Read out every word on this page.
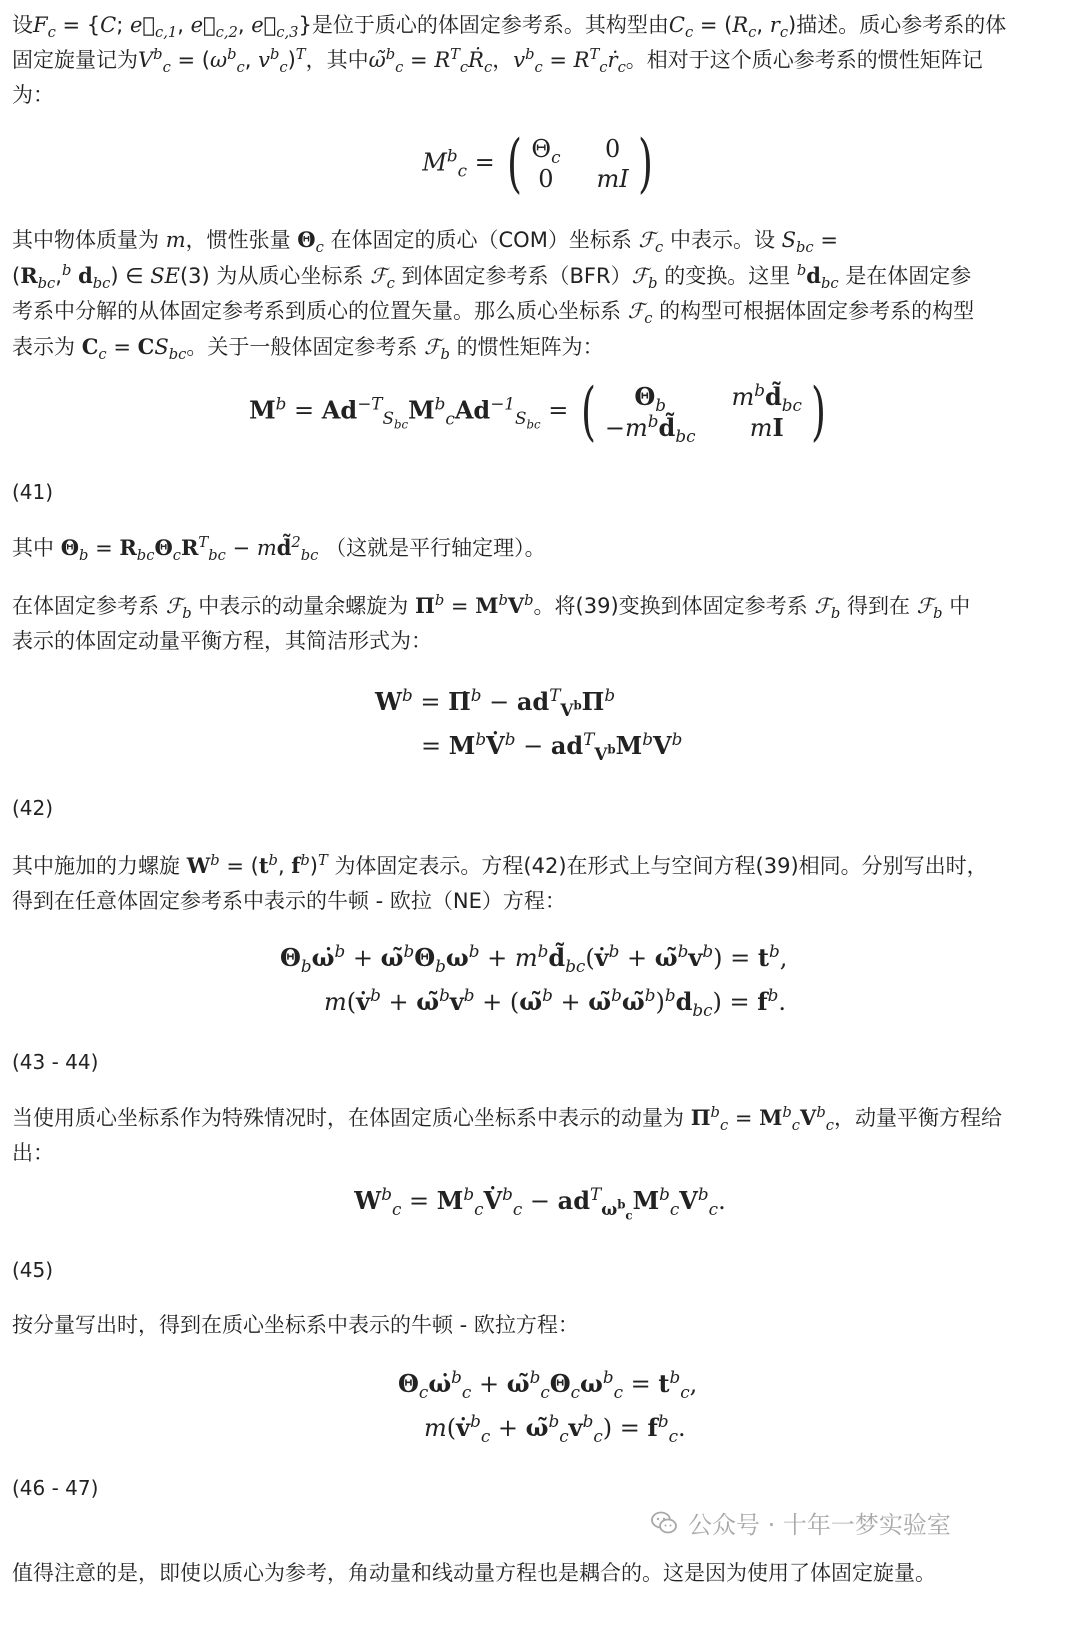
设$F_c = \{C$; $e⃗_{c,1}$, $e⃗_{c,2}$, $e⃗_{c,3}$}是位于质心的体固定参考系。其构型由$C_c = (R_c$, $r_c$)描述。质心参考系的体
固定旋量记为$V^b_c = (\omega^b_c$, $v^b_c)^T$，其中ω̃$^b_c$ = $R^T_cṘ_c$，$v^b_c$ = $R^T_cṙ_c$。相对于这个质心参考系的惯性矩阵记
为：
$M^b_c$ = ( $\Theta_c$	0
0 mI )
其中物体质量为 m，惯性张量 $\Theta_c$ 在体固定的质心（COM）坐标系 ℱ$_c$ 中表示。设 $S_{bc}$ =
($R_{bc},^b$ $d_{bc}$) ∈ SE(3) 为从质心坐标系 ℱ$_c$ 到体固定参考系（BFR）ℱ$_b$ 的变换。这里 $^bd_{bc}$ 是在体固定参
考系中分解的从体固定参考系到质心的位置矢量。那么质心坐标系 ℱ$_c$ 的构型可根据体固定参考系的构型
表示为 $C_c = CS_{bc}$。关于一般体固定参考系 ℱ$_b$ 的惯性矩阵为：
$M^b = Ad^{-T}_{S_{bc}}M^b_cAd^{-1}_{S_{bc}}$ = (	$\Theta_b$	$m^bd̃_{bc}$
$-m^bd̃_{bc}$	mI )
(41)
其中 $\Theta_b = R_{bc}\Theta_cR^T_{bc}$ − md̃$^2_{bc}$ （这就是平行轴定理）。
在体固定参考系 ℱ$_b$ 中表示的动量余螺旋为 $\Pi^b = M^bV^b$。将(39)变换到体固定参考系 ℱ$_b$ 得到在 ℱ$_b$ 中
表示的体固定动量平衡方程，其简洁形式为：
$W^b$ = Π̇$^b$ − $ad^T_{V^b}\Pi^b$
= $M^bV̇^b - ad^T_{V^b}M^bV^b$
(42)
其中施加的力螺旋 $W^b = (t^b$, $f^b)^T$ 为体固定表示。方程(42)在形式上与空间方程(39)相同。分别写出时，
得到在任意体固定参考系中表示的牛顿 - 欧拉（NE）方程：
$\Theta_b\omegȧ^b$ + $\omegã^b\Theta_b\omega^b$ + $m^bd̃_{bc}(v̇^b$ + $\omegã^bv^b) = t^b$,
m(v̇$^b$ + $\omegã^bv^b$ + (ω̃$^b$ + $\omegã^b\omegã^b)^bd_{bc}) = f^b$.
(43 - 44)
当使用质心坐标系作为特殊情况时，在体固定质心坐标系中表示的动量为 $\Pi^b_c = M^b_cV^b_c$，动量平衡方程给
出：
$W^b_c$ = $M^b_cV̇^b_c - ad^T_{\omega^b_c}M^b_cV^b_c$.
(45)
按分量写出时，得到在质心坐标系中表示的牛顿 - 欧拉方程：
$\Theta_c\omegȧ^b_c$ + $\omegã^b_c\Theta_c\omega^b_c = t^b_c$,
m(v̇$^b_c$ + $\omegã^b_cv^b_c) = f^b_c$.
(46 - 47)
值得注意的是，即使以质心为参考，角动量和线动量方程也是耦合的。这是因为使用了体固定旋量。
公众号 · 十年一梦实验室
